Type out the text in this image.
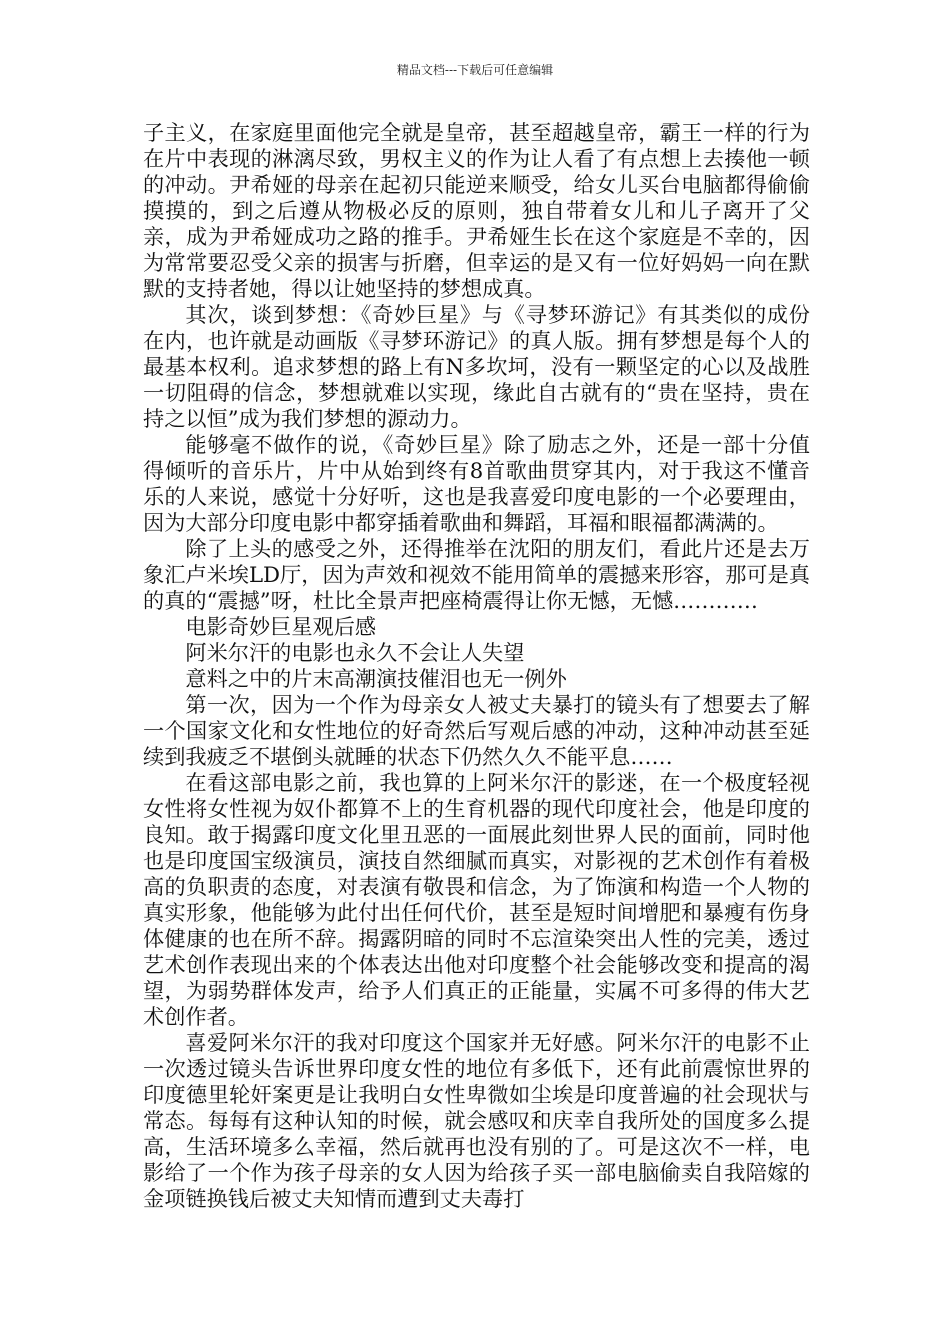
精品文档---下载后可任意编辑

子主义，在家庭里面他完全就是皇帝，甚至超越皇帝，霸王一样的行为在片中表现的淋漓尽致，男权主义的作为让人看了有点想上去揍他一顿的冲动。尹希娅的母亲在起初只能逆来顺受，给女儿买台电脑都得偷偷摸摸的，到之后遵从物极必反的原则，独自带着女儿和儿子离开了父亲，成为尹希娅成功之路的推手。尹希娅生长在这个家庭是不幸的，因为常常要忍受父亲的损害与折磨，但幸运的是又有一位好妈妈一向在默默的支持者她，得以让她坚持的梦想成真。

其次，谈到梦想：《奇妙巨星》与《寻梦环游记》有其类似的成份在内，也许就是动画版《寻梦环游记》的真人版。拥有梦想是每个人的最基本权利。追求梦想的路上有N多坎坷，没有一颗坚定的心以及战胜一切阻碍的信念，梦想就难以实现，缘此自古就有的“贵在坚持，贵在持之以恒”成为我们梦想的源动力。

能够毫不做作的说，《奇妙巨星》除了励志之外，还是一部十分值得倾听的音乐片，片中从始到终有8首歌曲贯穿其内，对于我这不懂音乐的人来说，感觉十分好听，这也是我喜爱印度电影的一个必要理由，因为大部分印度电影中都穿插着歌曲和舞蹈，耳福和眼福都满满的。

除了上头的感受之外，还得推举在沈阳的朋友们，看此片还是去万象汇卢米埃LD厅，因为声效和视效不能用简单的震撼来形容，那可是真的真的“震撼”呀，杜比全景声把座椅震得让你无憾，无憾…………

电影奇妙巨星观后感

阿米尔汗的电影也永久不会让人失望

意料之中的片末高潮演技催泪也无一例外

第一次，因为一个作为母亲女人被丈夫暴打的镜头有了想要去了解一个国家文化和女性地位的好奇然后写观后感的冲动，这种冲动甚至延续到我疲乏不堪倒头就睡的状态下仍然久久不能平息……

在看这部电影之前，我也算的上阿米尔汗的影迷，在一个极度轻视女性将女性视为奴仆都算不上的生育机器的现代印度社会，他是印度的良知。敢于揭露印度文化里丑恶的一面展此刻世界人民的面前，同时他也是印度国宝级演员，演技自然细腻而真实，对影视的艺术创作有着极高的负职责的态度，对表演有敬畏和信念，为了饰演和构造一个人物的真实形象，他能够为此付出任何代价，甚至是短时间增肥和暴瘦有伤身体健康的也在所不辞。揭露阴暗的同时不忘渲染突出人性的完美，透过艺术创作表现出来的个体表达出他对印度整个社会能够改变和提高的渴望，为弱势群体发声，给予人们真正的正能量，实属不可多得的伟大艺术创作者。

喜爱阿米尔汗的我对印度这个国家并无好感。阿米尔汗的电影不止一次透过镜头告诉世界印度女性的地位有多低下，还有此前震惊世界的印度德里轮奸案更是让我明白女性卑微如尘埃是印度普遍的社会现状与常态。每每有这种认知的时候，就会感叹和庆幸自我所处的国度多么提高，生活环境多么幸福，然后就再也没有别的了。可是这次不一样，电影给了一个作为孩子母亲的女人因为给孩子买一部电脑偷卖自我陪嫁的金项链换钱后被丈夫知情而遭到丈夫毒打
